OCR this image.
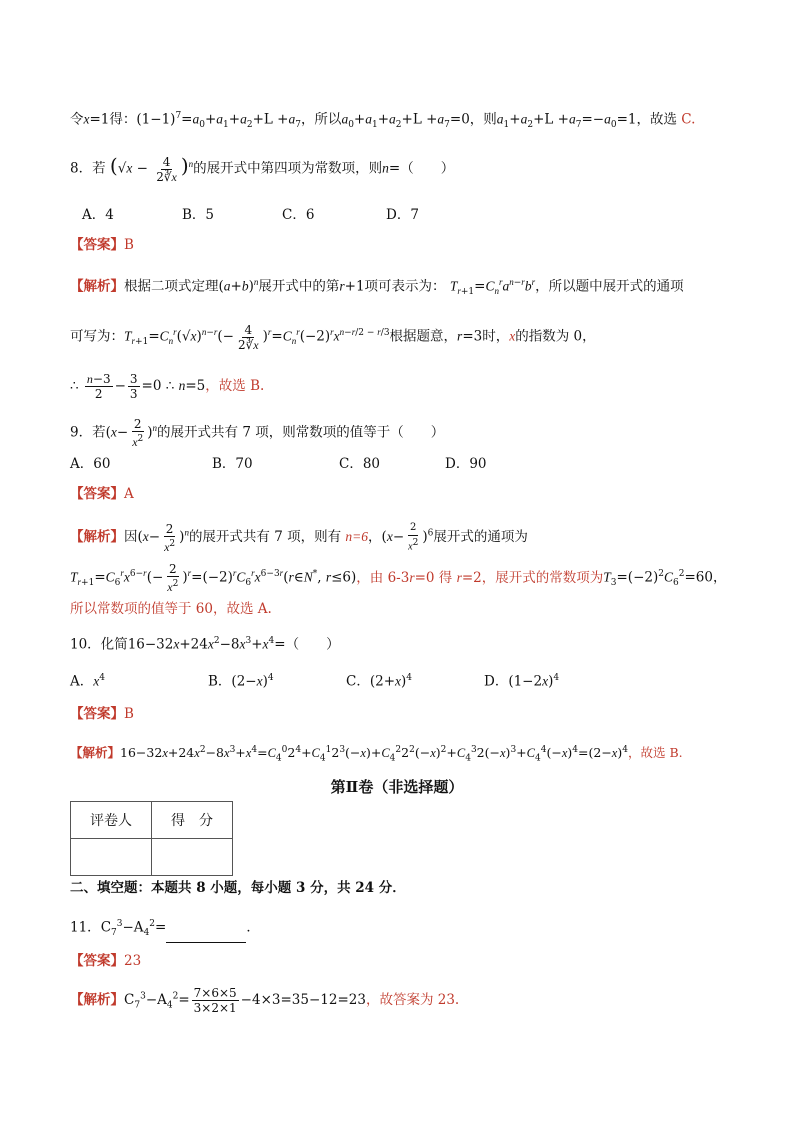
令x=1得：$(1-1)^7=a_0+a_1+a_2+L +a_7$，所以$a_0+a_1+a_2+L +a_7=0$，则$a_1+a_2+L +a_7=-a_0=1$，故选 C.
8．若 $(√x - \frac{4}{2∛x} )^n$的展开式中第四项为常数项，则n=（　　）
A．4	B．5	C．6	D．7
【答案】B
【解析】根据二项式定理$(a+b)^n$展开式中的第r+1项可表示为： $T_{r+1}=C_n^ra^{n-r}b^r$，所以题中展开式的通项
可写为：$T_{r+1}=C_n^r(√x)^{n-r}(- \frac{4}{2∛x} )^r=C_n^r(-2)^rx^{n-r/2 - r/3}$根据题意，r=3时，x的指数为 0，
∴ $\frac{n-3}{2} - \frac{3}{3} =0$ ∴ n=5，故选 B.
9．若$(x- \frac{2}{x^2} )^n$的展开式共有 7 项，则常数项的值等于（　　）
A．60	B．70	C．80	D．90
【答案】A
【解析】因$(x- \frac{2}{x^2} )^n$的展开式共有 7 项，则有 n=6，$(x- \frac{2}{x^2} )^6$展开式的通项为
$T_{r+1}=C_6^rx^{6-r}(- \frac{2}{x^2}$ )$^r=(-2)^rC_6^rx^{6-3r}(r\in N^*$, r≤6)，由 6-3r=0 得 r=2，展开式的常数项为$T_3=(-2)^2C_6^2=60$，
所以常数项的值等于 60，故选 A.
10．化简$16-32x+24x^2-8x^3+x^4=$（　　）
A．$x^4$	B．$(2-x)^4$	C．$(2+x)^4$	D．$(1-2x)^4$
【答案】B
【解析】$16-32x+24x^2-8x^3+x^4=C_4^02^4+C_4^12^3(-x)+C_4^22^2(-x)^2+C_4^32(-x)^3+C_4^4(-x)^4=(2-x)^4$，故选 B.
第Ⅱ卷（非选择题）
评卷人	得　分

二、填空题：本题共 8 小题，每小题 3 分，共 24 分．
11．$C_7^3-A_4^2=$	．
【答案】23
【解析】$C_7^3-A_4^2= \frac{7\times 6\times 5}{3\times 2\times 1} -4\times 3=35-12=23$，故答案为 23.
